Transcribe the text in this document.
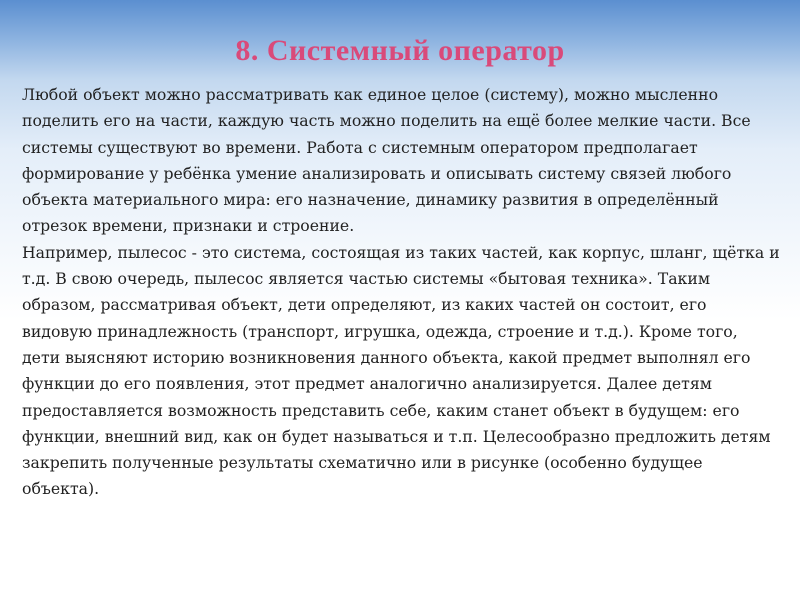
8. Системный оператор

Любой объект можно рассматривать как единое целое (систему), можно мысленно поделить его на части, каждую часть можно поделить на ещё более мелкие части. Все системы существуют во времени. Работа с системным оператором предполагает формирование у ребёнка умение анализировать и описывать систему связей любого объекта материального мира: его назначение, динамику развития в определённый отрезок времени, признаки и строение.

Например, пылесос - это система, состоящая из таких частей, как корпус, шланг, щётка и т.д. В свою очередь, пылесос является частью системы «бытовая техника». Таким образом, рассматривая объект, дети определяют, из каких частей он состоит, его видовую принадлежность (транспорт, игрушка, одежда, строение и т.д.). Кроме того, дети выясняют историю возникновения данного объекта, какой предмет выполнял его функции до его появления, этот предмет аналогично анализируется. Далее детям предоставляется возможность представить себе, каким станет объект в будущем: его функции, внешний вид, как он будет называться и т.п. Целесообразно предложить детям закрепить полученные результаты схематично или в рисунке (особенно будущее объекта).
